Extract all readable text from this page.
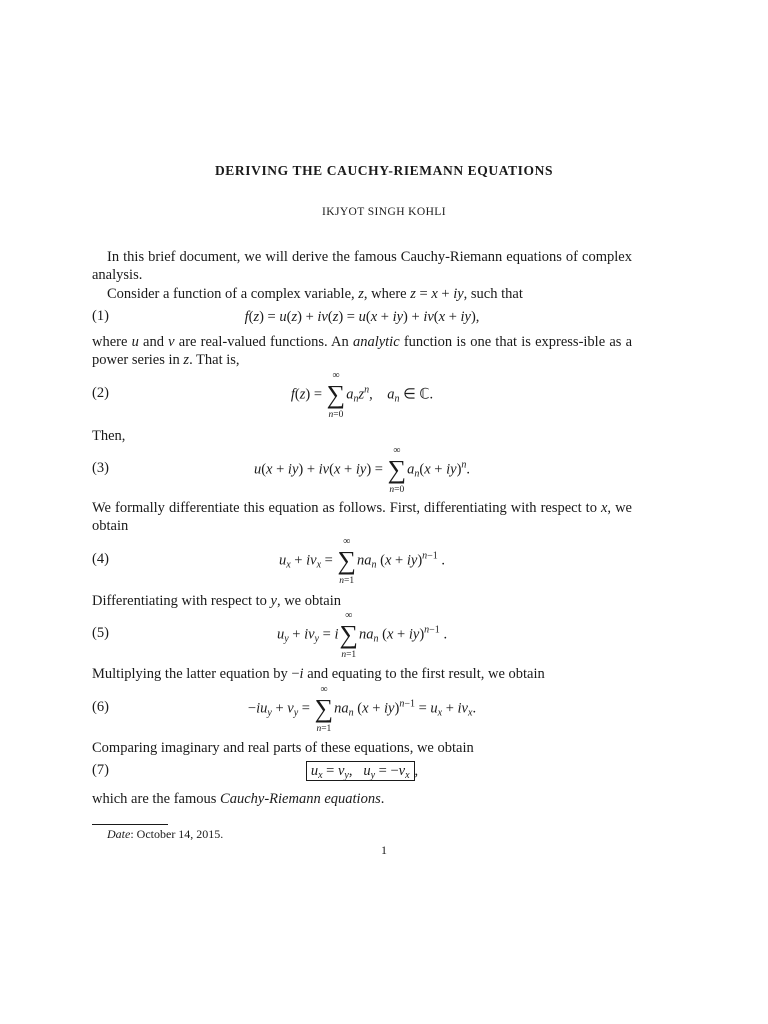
DERIVING THE CAUCHY-RIEMANN EQUATIONS
IKJYOT SINGH KOHLI
In this brief document, we will derive the famous Cauchy-Riemann equations of complex analysis.
Consider a function of a complex variable, z, where z = x + iy, such that
(1)	f(z) = u(z) + iv(z) = u(x + iy) + iv(x + iy),
where u and v are real-valued functions. An analytic function is one that is express-ible as a power series in z. That is,
(2)	f(z) =
∞
∑
n=0
$a_nz^n$,    $a_n$ ∈ ℂ.
Then,
(3)	u(x + iy) + iv(x + iy) =
∞
∑
n=0
$a_n(x + iy)^n$.
We formally differentiate this equation as follows. First, differentiating with respect to x, we obtain
(4)	$u_x + iv_x$ =
∞
∑
n=1
$na_n$ (x + iy)$^{n-1}$ .
Differentiating with respect to y, we obtain
(5)	$u_y + iv_y = i$
∞
∑
n=1
$na_n$ (x + iy)$^{n-1}$ .
Multiplying the latter equation by −i and equating to the first result, we obtain
(6)	$-iu_y + v_y$ =
∞
∑
n=1
$na_n$ $(x + iy)^{n-1} = u_x + iv_x$.
Comparing imaginary and real parts of these equations, we obtain
(7)	$u_x = v_y$,   $u_y = -v_x$ ,
which are the famous Cauchy-Riemann equations.
Date: October 14, 2015.
1
